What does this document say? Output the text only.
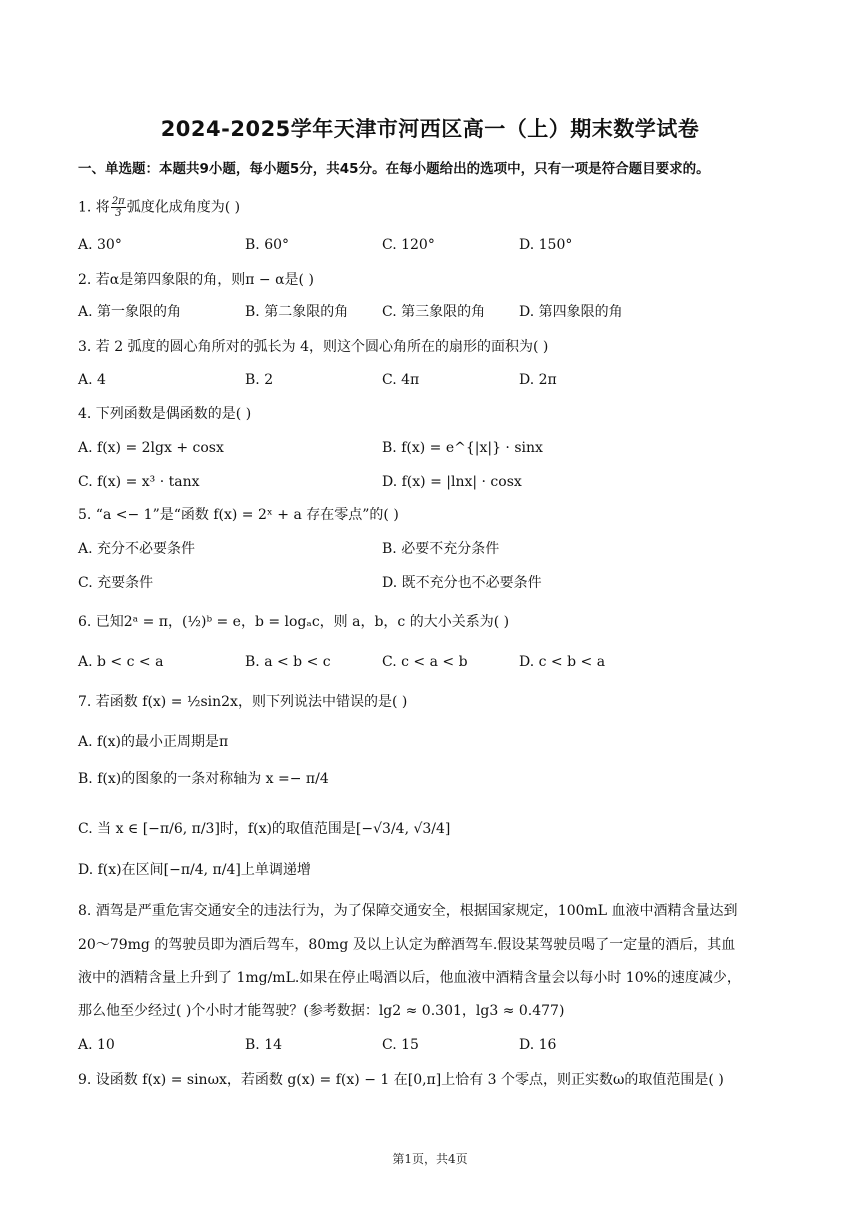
2024-2025学年天津市河西区高一（上）期末数学试卷
一、单选题：本题共9小题，每小题5分，共45分。在每小题给出的选项中，只有一项是符合题目要求的。
1. 将 $\frac{2\pi}{3}$ 弧度化成角度为( )
A. 30°	B. 60°	C. 120°	D. 150°
2. 若α是第四象限的角，则π − α是( )
A. 第一象限的角	B. 第二象限的角 C. 第三象限的角 D. 第四象限的角
3. 若 2 弧度的圆心角所对的弧长为 4，则这个圆心角所在的扇形的面积为( )
A. 4	B. 2	C. 4π	D. 2π
4. 下列函数是偶函数的是( )
A. f(x) = 2lgx + cosx	B. f(x) = e^{|x|} · sinx
C. f(x) = x³ · tanx	D. f(x) = |lnx| · cosx
5. “a <− 1”是“函数 f(x) = 2ˣ + a 存在零点”的( )
A. 充分不必要条件	B. 必要不充分条件
C. 充要条件	D. 既不充分也不必要条件
6. 已知2ᵃ = π，(½)ᵇ = e，b = logₐc，则 a，b，c 的大小关系为( )
A. b < c < a	B. a < b < c	C. c < a < b	D. c < b < a
7. 若函数 f(x) = ½sin2x，则下列说法中错误的是( )
A. f(x)的最小正周期是π
B. f(x)的图象的一条对称轴为 x =− π/4
C. 当 x ∈ [−π/6, π/3]时，f(x)的取值范围是[−√3/4, √3/4]
D. f(x)在区间[−π/4, π/4]上单调递增
8. 酒驾是严重危害交通安全的违法行为，为了保障交通安全，根据国家规定，100mL 血液中酒精含量达到
20～79mg 的驾驶员即为酒后驾车，80mg 及以上认定为醉酒驾车.假设某驾驶员喝了一定量的酒后，其血
液中的酒精含量上升到了 1mg/mL.如果在停止喝酒以后，他血液中酒精含量会以每小时 10%的速度减少，
那么他至少经过( )个小时才能驾驶？(参考数据：lg2 ≈ 0.301，lg3 ≈ 0.477)
A. 10	B. 14	C. 15	D. 16
9. 设函数 f(x) = sinωx，若函数 g(x) = f(x) − 1 在[0,π]上恰有 3 个零点，则正实数ω的取值范围是( )
第1页，共4页
